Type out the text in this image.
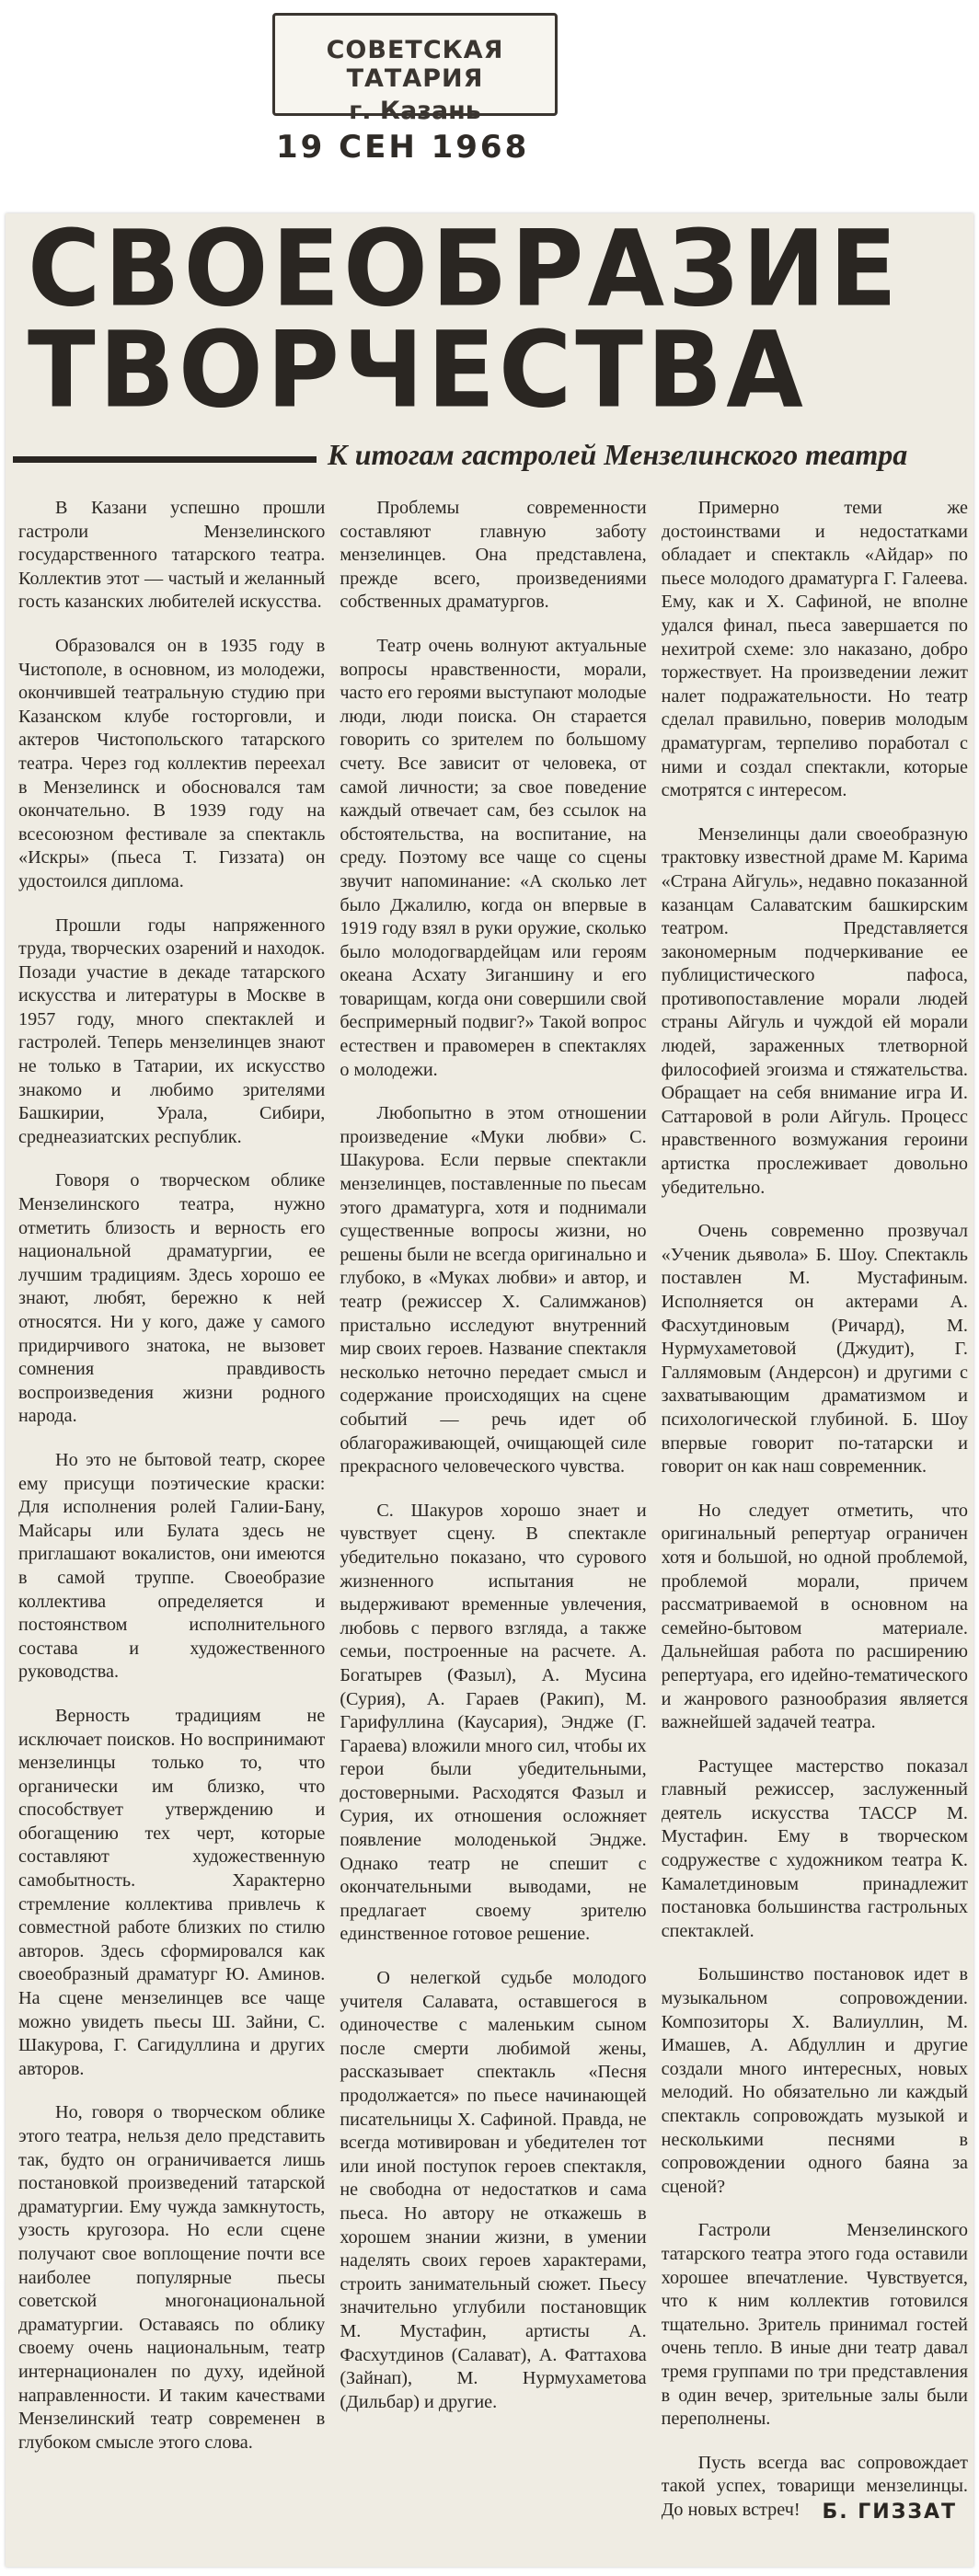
СОВЕТСКАЯ ТАТАРИЯ
г. Казань
19 СЕН 1968
СВОЕОБРАЗИЕ
ТВОРЧЕСТВА
К итогам гастролей Мензелинского театра

В Казани успешно прошли гастроли Мензелинского государственного татарского театра. Коллектив этот — частый и желанный гость казанских любителей искусства.

Образовался он в 1935 году в Чистополе, в основном, из молодежи, окончившей театральную студию при Казанском клубе госторговли, и актеров Чистопольского татарского театра. Через год коллектив переехал в Мензелинск и обосновался там окончательно. В 1939 году на всесоюзном фестивале за спектакль «Искры» (пьеса Т. Гиззата) он удостоился диплома.

Прошли годы напряженного труда, творческих озарений и находок. Позади участие в декаде татарского искусства и литературы в Москве в 1957 году, много спектаклей и гастролей. Теперь мензелинцев знают не только в Татарии, их искусство знакомо и любимо зрителями Башкирии, Урала, Сибири, среднеазиатских республик.

Говоря о творческом облике Мензелинского театра, нужно отметить близость и верность его национальной драматургии, ее лучшим традициям. Здесь хорошо ее знают, любят, бережно к ней относятся. Ни у кого, даже у самого придирчивого знатока, не вызовет сомнения правдивость воспроизведения жизни родного народа.

Но это не бытовой театр, скорее ему присущи поэтические краски: Для исполнения ролей Галии-Бану, Майсары или Булата здесь не приглашают вокалистов, они имеются в самой труппе. Своеобразие коллектива определяется и постоянством исполнительного состава и художественного руководства.

Верность традициям не исключает поисков. Но воспринимают мензелинцы только то, что органически им близко, что способствует утверждению и обогащению тех черт, которые составляют художественную самобытность. Характерно стремление коллектива привлечь к совместной работе близких по стилю авторов. Здесь сформировался как своеобразный драматург Ю. Аминов. На сцене мензелинцев все чаще можно увидеть пьесы Ш. Зайни, С. Шакурова, Г. Сагидуллина и других авторов.

Но, говоря о творческом облике этого театра, нельзя дело представить так, будто он ограничивается лишь постановкой произведений татарской драматургии. Ему чужда замкнутость, узость кругозора. Но если сцене получают свое воплощение почти все наиболее популярные пьесы советской многонациональной драматургии. Оставаясь по облику своему очень национальным, театр интернационален по духу, идейной направленности. И таким качествами Мензелинский театр современен в глубоком смысле этого слова.

Проблемы современности составляют главную заботу мензелинцев. Она представлена, прежде всего, произведениями собственных драматургов.

Театр очень волнуют актуальные вопросы нравственности, морали, часто его героями выступают молодые люди, люди поиска. Он старается говорить со зрителем по большому счету. Все зависит от человека, от самой личности; за свое поведение каждый отвечает сам, без ссылок на обстоятельства, на воспитание, на среду. Поэтому все чаще со сцены звучит напоминание: «А сколько лет было Джалилю, когда он впервые в 1919 году взял в руки оружие, сколько было молодогвардейцам или героям океана Асхату Зиганшину и его товарищам, когда они совершили свой беспримерный подвиг?» Такой вопрос естествен и правомерен в спектаклях о молодежи.

Любопытно в этом отношении произведение «Муки любви» С. Шакурова. Если первые спектакли мензелинцев, поставленные по пьесам этого драматурга, хотя и поднимали существенные вопросы жизни, но решены были не всегда оригинально и глубоко, в «Муках любви» и автор, и театр (режиссер Х. Салимжанов) пристально исследуют внутренний мир своих героев. Название спектакля несколько неточно передает смысл и содержание происходящих на сцене событий — речь идет об облагораживающей, очищающей силе прекрасного человеческого чувства.

С. Шакуров хорошо знает и чувствует сцену. В спектакле убедительно показано, что сурового жизненного испытания не выдерживают временные увлечения, любовь с первого взгляда, а также семьи, построенные на расчете. А. Богатырев (Фазыл), А. Мусина (Сурия), А. Гараев (Ракип), М. Гарифуллина (Каусария), Эндже (Г. Гараева) вложили много сил, чтобы их герои были убедительными, достоверными. Расходятся Фазыл и Сурия, их отношения осложняет появление молоденькой Эндже. Однако театр не спешит с окончательными выводами, не предлагает своему зрителю единственное готовое решение.

О нелегкой судьбе молодого учителя Салавата, оставшегося в одиночестве с маленьким сыном после смерти любимой жены, рассказывает спектакль «Песня продолжается» по пьесе начинающей писательницы Х. Сафиной. Правда, не всегда мотивирован и убедителен тот или иной поступок героев спектакля, не свободна от недостатков и сама пьеса. Но автору не откажешь в хорошем знании жизни, в умении наделять своих героев характерами, строить занимательный сюжет. Пьесу значительно углубили постановщик М. Мустафин, артисты А. Фасхутдинов (Салават), А. Фаттахова (Зайнап), М. Нурмухаметова (Дильбар) и другие.

Примерно теми же достоинствами и недостатками обладает и спектакль «Айдар» по пьесе молодого драматурга Г. Галеева. Ему, как и Х. Сафиной, не вполне удался финал, пьеса завершается по нехитрой схеме: зло наказано, добро торжествует. На произведении лежит налет подражательности. Но театр сделал правильно, поверив молодым драматургам, терпеливо поработал с ними и создал спектакли, которые смотрятся с интересом.

Мензелинцы дали своеобразную трактовку известной драме М. Карима «Страна Айгуль», недавно показанной казанцам Салаватским башкирским театром. Представляется закономерным подчеркивание ее публицистического пафоса, противопоставление морали людей страны Айгуль и чуждой ей морали людей, зараженных тлетворной философией эгоизма и стяжательства. Обращает на себя внимание игра И. Саттаровой в роли Айгуль. Процесс нравственного возмужания героини артистка прослеживает довольно убедительно.

Очень современно прозвучал «Ученик дьявола» Б. Шоу. Спектакль поставлен М. Мустафиным. Исполняется он актерами А. Фасхутдиновым (Ричард), М. Нурмухаметовой (Джудит), Г. Галлямовым (Андерсон) и другими с захватывающим драматизмом и психологической глубиной. Б. Шоу впервые говорит по-татарски и говорит он как наш современник.

Но следует отметить, что оригинальный репертуар ограничен хотя и большой, но одной проблемой, проблемой морали, причем рассматриваемой в основном на семейно-бытовом материале. Дальнейшая работа по расширению репертуара, его идейно-тематического и жанрового разнообразия является важнейшей задачей театра.

Растущее мастерство показал главный режиссер, заслуженный деятель искусства ТАССР М. Мустафин. Ему в творческом содружестве с художником театра К. Камалетдиновым принадлежит постановка большинства гастрольных спектаклей.

Большинство постановок идет в музыкальном сопровождении. Композиторы Х. Валиуллин, М. Имашев, А. Абдуллин и другие создали много интересных, новых мелодий. Но обязательно ли каждый спектакль сопровождать музыкой и несколькими песнями в сопровождении одного баяна за сценой?

Гастроли Мензелинского татарского театра этого года оставили хорошее впечатление. Чувствуется, что к ним коллектив готовился тщательно. Зритель принимал гостей очень тепло. В иные дни театр давал тремя группами по три представления в один вечер, зрительные залы были переполнены.

Пусть всегда вас сопровождает такой успех, товарищи мензелинцы. До новых встреч!	Б. ГИЗЗАТ
